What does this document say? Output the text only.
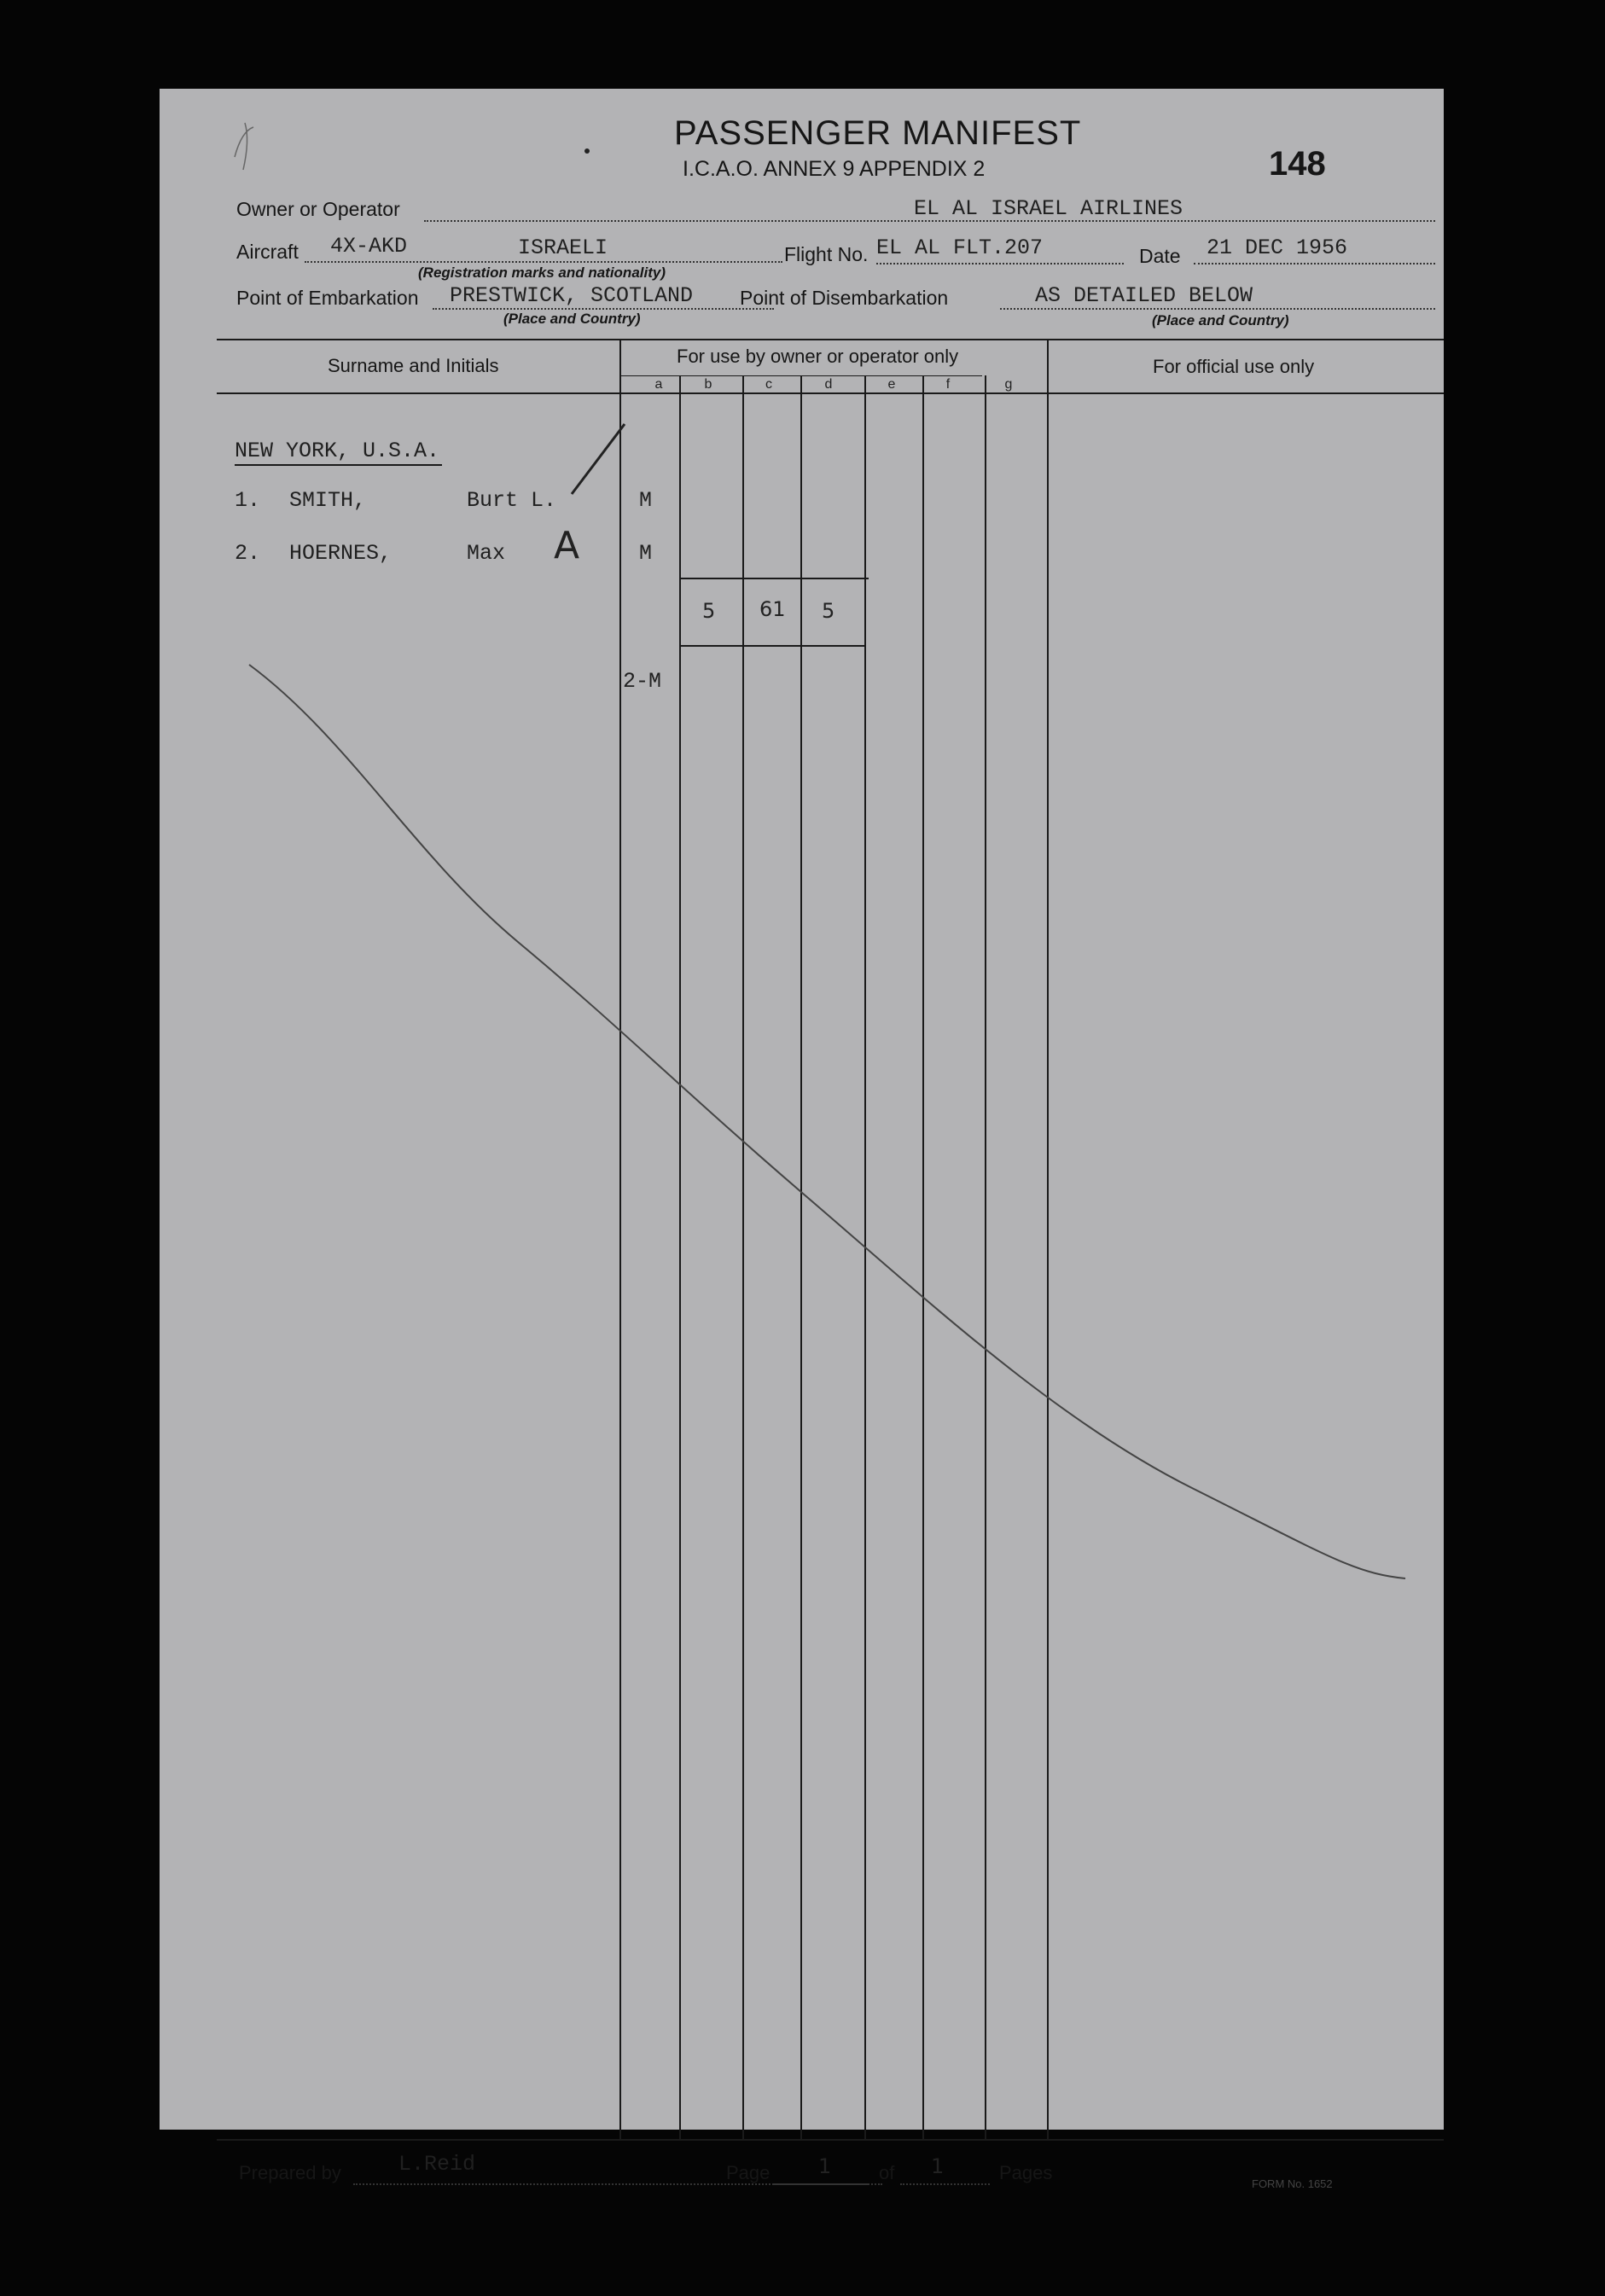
PASSENGER MANIFEST
I.C.A.O. ANNEX 9 APPENDIX 2	148
Owner or Operator	EL AL ISRAEL AIRLINES
Aircraft 4X-AKD	ISRAELI
(Registration marks and nationality)
Flight No. EL AL FLT.207	Date 21 DEC 1956
Point of Embarkation PRESTWICK, SCOTLAND
(Place and Country)
Point of Disembarkation	AS DETAILED BELOW
(Place and Country)
Surname and Initials	For use by owner or operator only	For official use only
a	b	c	d	e	f	g
NEW YORK, U.S.A.
1. SMITH,	Burt L.	M
2. HOERNES,	Max	M
A
5 61 5
2-M
Prepared by	L.Reid	Page 1	of 1	Pages
FORM No. 1652
